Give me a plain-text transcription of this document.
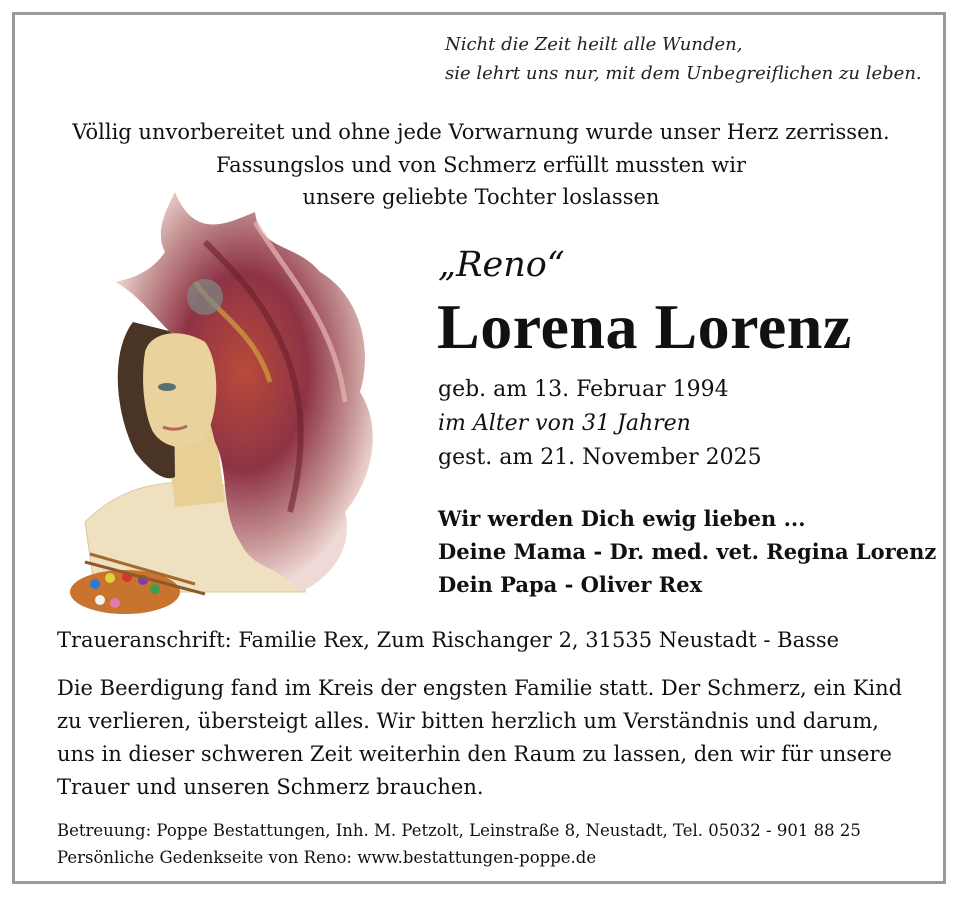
Nicht die Zeit heilt alle Wunden,
sie lehrt uns nur, mit dem Unbegreiflichen zu leben.
Völlig unvorbereitet und ohne jede Vorwarnung wurde unser Herz zerrissen.
Fassungslos und von Schmerz erfüllt mussten wir
unsere geliebte Tochter loslassen
„Reno“
Lorena Lorenz
geb. am 13. Februar 1994
im Alter von 31 Jahren
gest. am 21. November 2025
Wir werden Dich ewig lieben ...
Deine Mama - Dr. med. vet. Regina Lorenz
Dein Papa - Oliver Rex
Traueranschrift: Familie Rex, Zum Rischanger 2, 31535 Neustadt - Basse
Die Beerdigung fand im Kreis der engsten Familie statt. Der Schmerz, ein Kind
zu verlieren, übersteigt alles. Wir bitten herzlich um Verständnis und darum,
uns in dieser schweren Zeit weiterhin den Raum zu lassen, den wir für unsere
Trauer und unseren Schmerz brauchen.
Betreuung: Poppe Bestattungen, Inh. M. Petzolt, Leinstraße 8, Neustadt, Tel. 05032 - 901 88 25
Persönliche Gedenkseite von Reno: www.bestattungen-poppe.de
